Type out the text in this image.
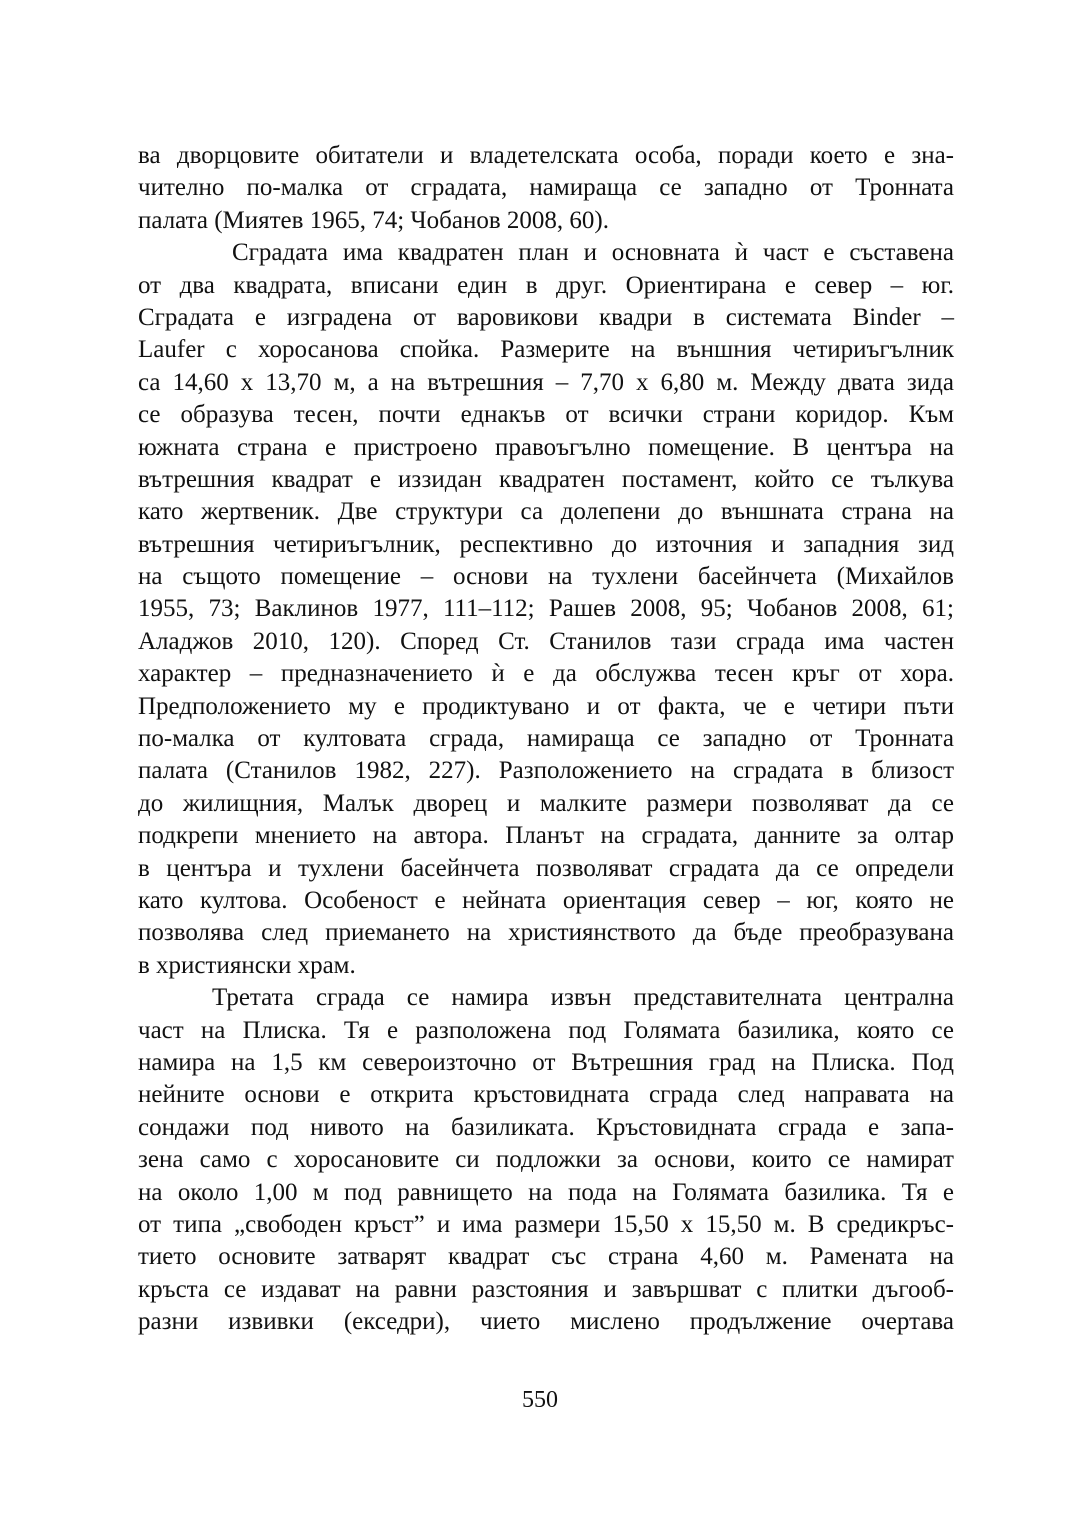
ва дворцовите обитатели и владетелската особа, поради което е зна-
чително по-малка от сградата, намираща се западно от Тронната
палата (Миятев 1965, 74; Чобанов 2008, 60).
Сградата има квадратен план и основната ѝ част е съставена
от два квадрата, вписани един в друг. Ориентирана е север – юг.
Сградата е изградена от варовикови квадри в системата Binder –
Laufer с хоросанова спойка. Размерите на външния четириъгълник
са 14,60 х 13,70 м, а на вътрешния – 7,70 х 6,80 м. Между двата зида
се образува тесен, почти еднакъв от всички страни коридор. Към
южната страна е пристроено правоъгълно помещение. В центъра на
вътрешния квадрат е иззидан квадратен постамент, който се тълкува
като жертвеник. Две структури са долепени до външната страна на
вътрешния четириъгълник, респективно до източния и западния зид
на същото помещение – основи на тухлени басейнчета (Михайлов
1955, 73; Ваклинов 1977, 111–112; Рашев 2008, 95; Чобанов 2008, 61;
Аладжов 2010, 120). Според Ст. Станилов тази сграда има частен
характер – предназначението ѝ е да обслужва тесен кръг от хора.
Предположението му е продиктувано и от факта, че е четири пъти
по-малка от култовата сграда, намираща се западно от Тронната
палата (Станилов 1982, 227). Разположението на сградата в близост
до жилищния, Малък дворец и малките размери позволяват да се
подкрепи мнението на автора. Планът на сградата, данните за олтар
в центъра и тухлени басейнчета позволяват сградата да се определи
като култова. Особеност е нейната ориентация север – юг, която не
позволява след приемането на християнството да бъде преобразувана
в християнски храм.
Третата сграда се намира извън представителната централна
част на Плиска. Тя е разположена под Голямата базилика, която се
намира на 1,5 км североизточно от Вътрешния град на Плиска. Под
нейните основи е открита кръстовидната сграда след направата на
сондажи под нивото на базиликата. Кръстовидната сграда е запа-
зена само с хоросановите си подложки за основи, които се намират
на около 1,00 м под равнището на пода на Голямата базилика. Тя е
от типа „свободен кръст” и има размери 15,50 х 15,50 м. В средикръс-
тието основите затварят квадрат със страна 4,60 м. Рамената на
кръста се издават на равни разстояния и завършват с плитки дъгооб-
разни извивки (екседри), чието мислено продължение очертава
550
